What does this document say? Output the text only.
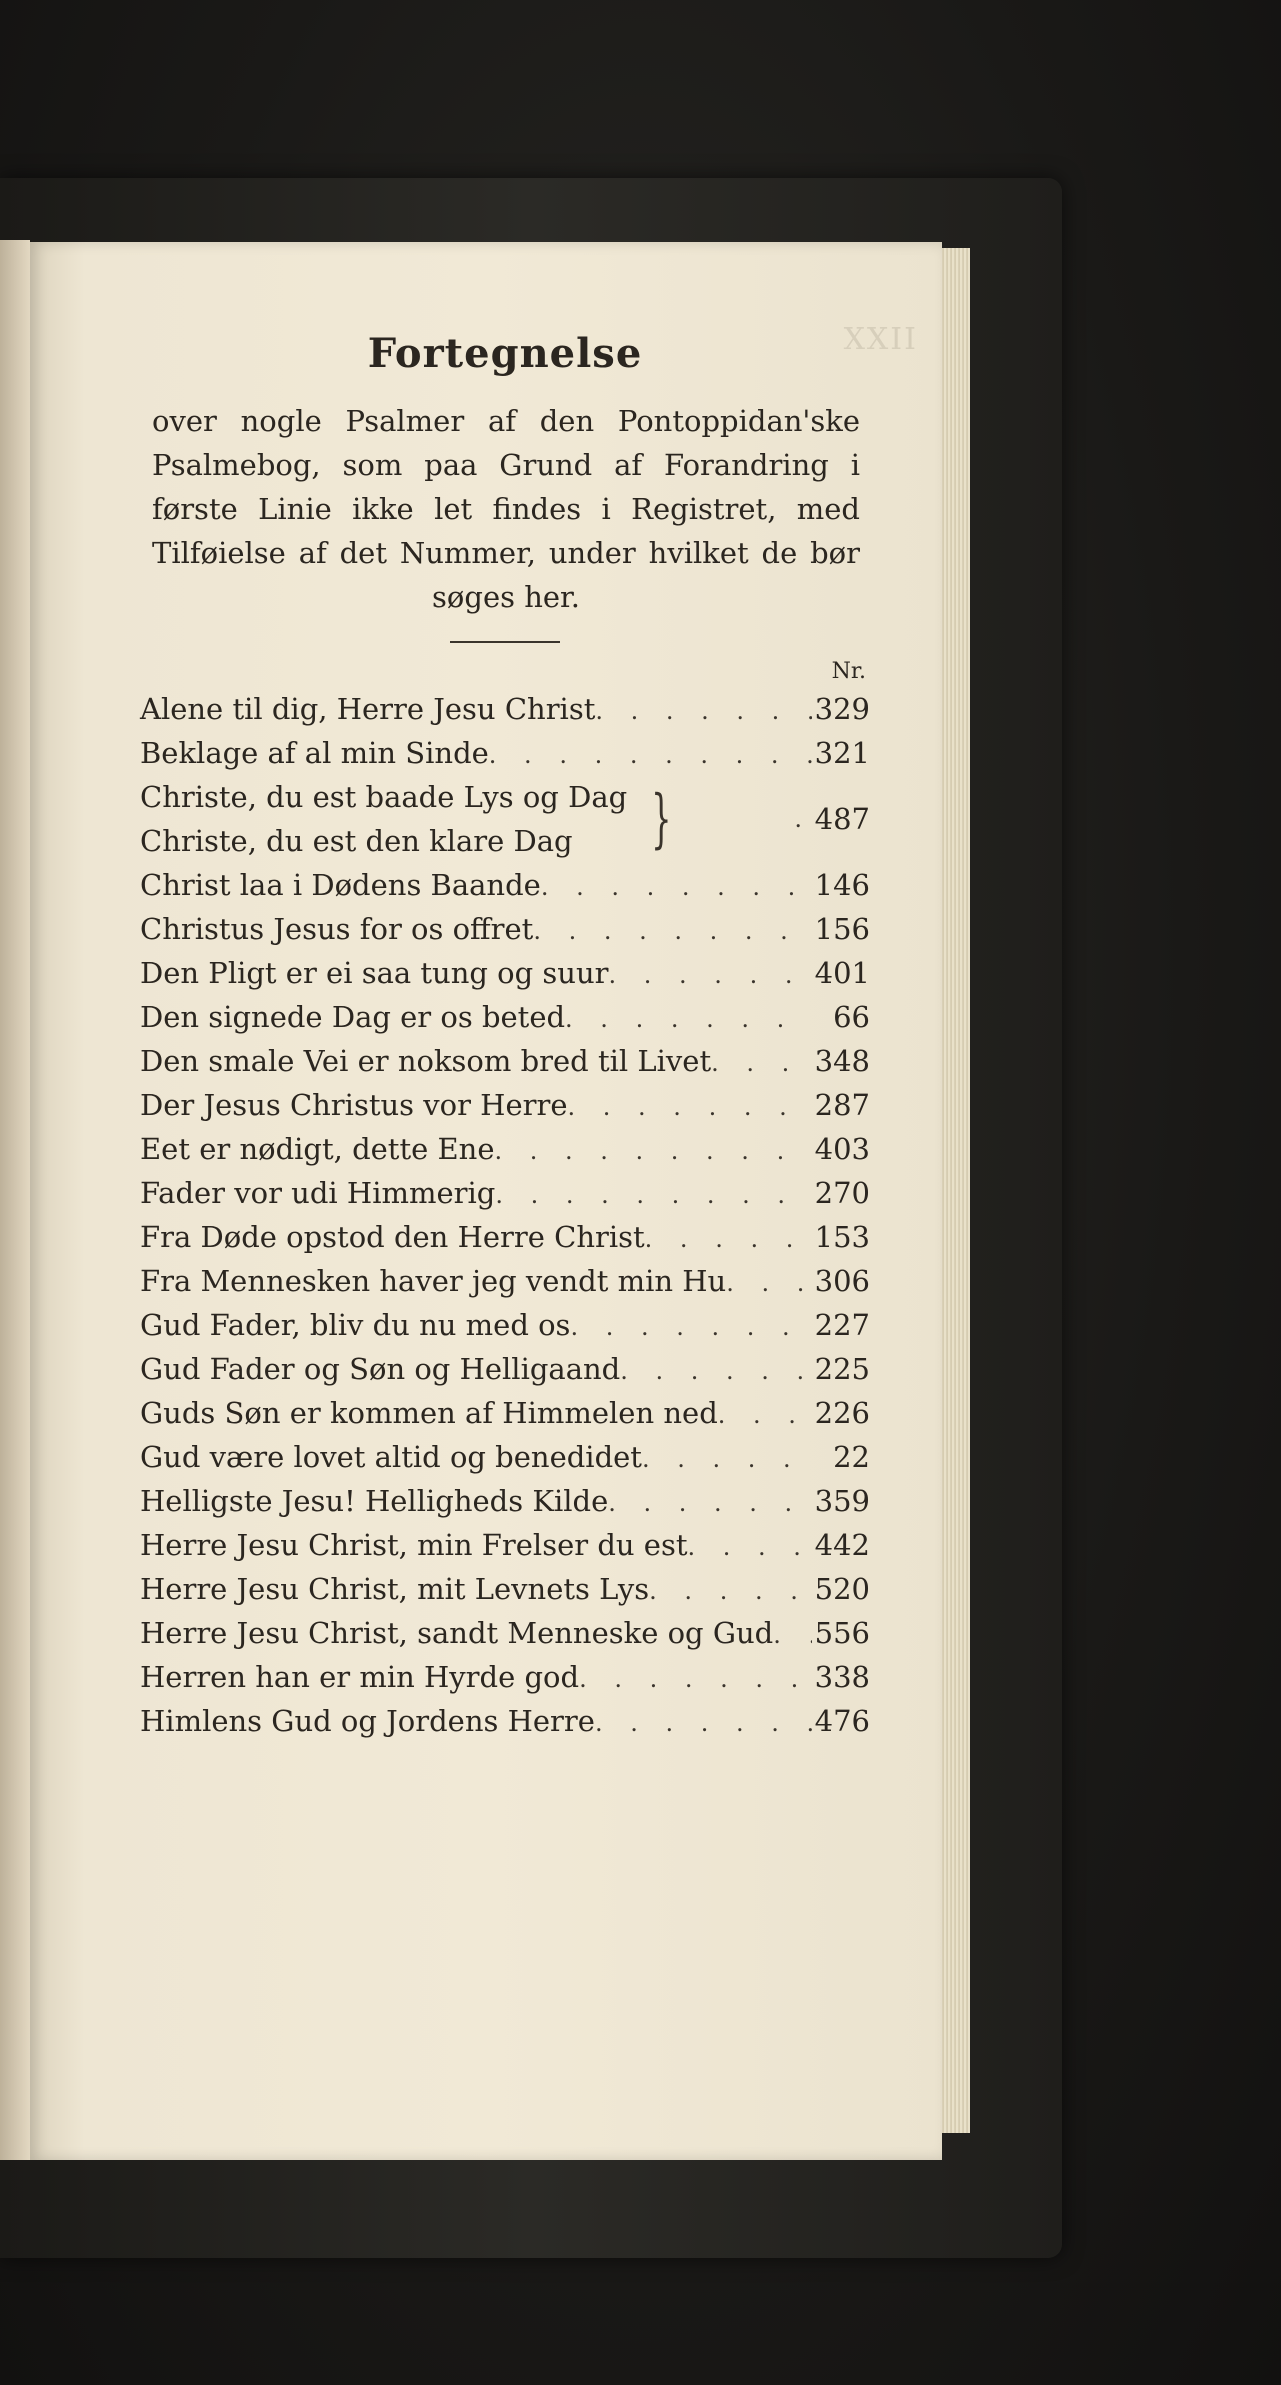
XXII
Fortegnelse

over nogle Psalmer af den Pontoppidan'ske Psalmebog, som paa Grund af Forandring i første Linie ikke let findes i Registret, med Tilføielse af det Nummer, under hvilket de bør søges her.

Nr.
Alene til dig, Herre Jesu Christ . . .	329
Beklage af al min Sinde . . .	321
Christe, du est baade Lys og Dag
Christe, du est den klare Dag	}	. 487
Christ laa i Dødens Baande . . .	146
Christus Jesus for os offret . . .	156
Den Pligt er ei saa tung og suur . . .	401
Den signede Dag er os beted . . .	66
Den smale Vei er noksom bred til Livet . . .	348
Der Jesus Christus vor Herre . . .	287
Eet er nødigt, dette Ene . . .	403
Fader vor udi Himmerig . . .	270
Fra Døde opstod den Herre Christ . . .	153
Fra Mennesken haver jeg vendt min Hu . . .	306
Gud Fader, bliv du nu med os . . .	227
Gud Fader og Søn og Helligaand . . .	225
Guds Søn er kommen af Himmelen ned . . .	226
Gud være lovet altid og benedidet . . .	22
Helligste Jesu! Helligheds Kilde . . .	359
Herre Jesu Christ, min Frelser du est . . .	442
Herre Jesu Christ, mit Levnets Lys . . .	520
Herre Jesu Christ, sandt Menneske og Gud . . . 556
Herren han er min Hyrde god . . .	338
Himlens Gud og Jordens Herre . . .	476
